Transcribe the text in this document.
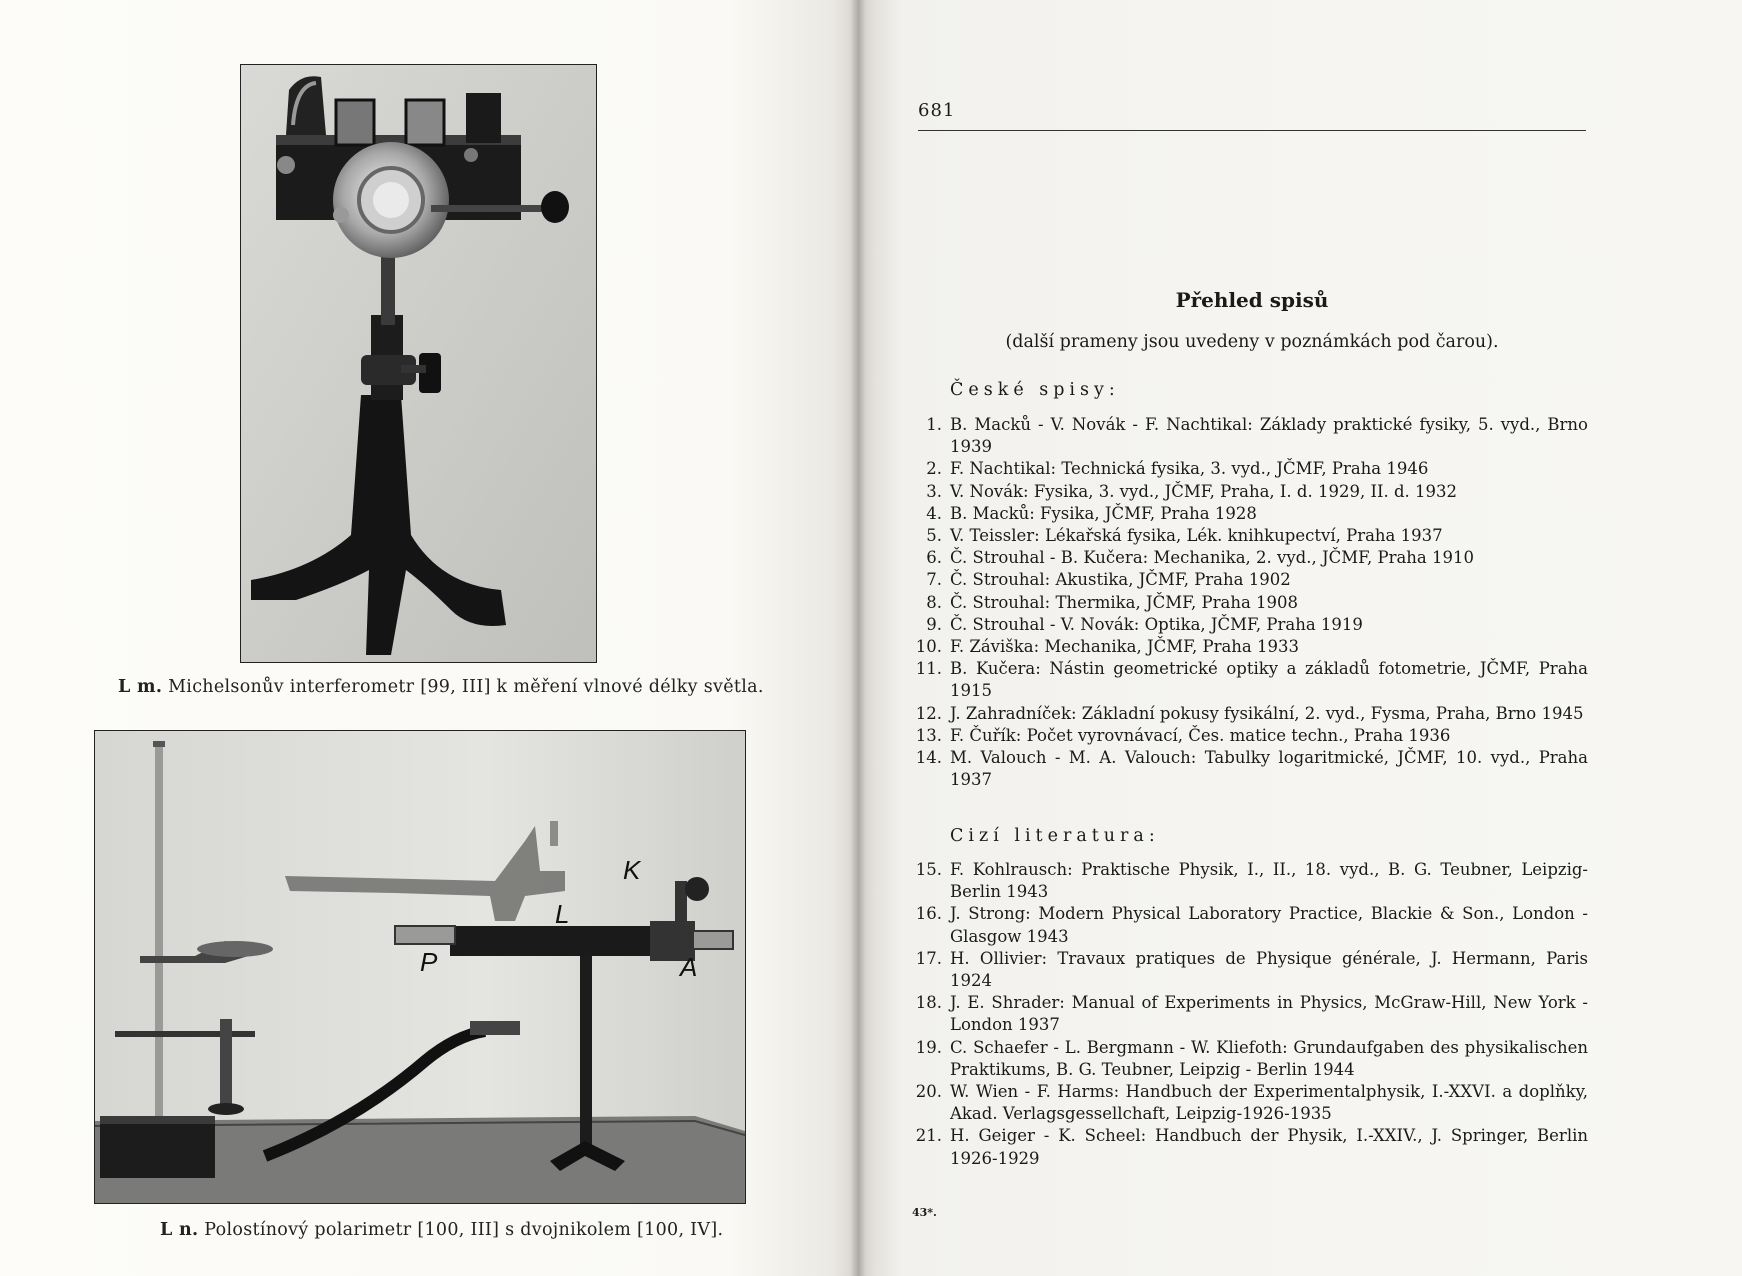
L m. Michelsonův interferometr [99, III] k měření vlnové délky světla.
K
L
P	A
L n. Polostínový polarimetr [100, III] s dvojnikolem [100, IV].
681
Přehled spisů
(další prameny jsou uvedeny v poznámkách pod čarou).
České spisy:
1. B. Macků - V. Novák - F. Nachtikal: Základy praktické fysiky, 5. vyd., Brno 1939
2. F. Nachtikal: Technická fysika, 3. vyd., JČMF, Praha 1946
3. V. Novák: Fysika, 3. vyd., JČMF, Praha, I. d. 1929, II. d. 1932
4. B. Macků: Fysika, JČMF, Praha 1928
5. V. Teissler: Lékařská fysika, Lék. knihkupectví, Praha 1937
6. Č. Strouhal - B. Kučera: Mechanika, 2. vyd., JČMF, Praha 1910
7. Č. Strouhal: Akustika, JČMF, Praha 1902
8. Č. Strouhal: Thermika, JČMF, Praha 1908
9. Č. Strouhal - V. Novák: Optika, JČMF, Praha 1919
10. F. Záviška: Mechanika, JČMF, Praha 1933
11. B. Kučera: Nástin geometrické optiky a základů fotometrie, JČMF, Praha 1915
12. J. Zahradníček: Základní pokusy fysikální, 2. vyd., Fysma, Praha, Brno 1945
13. F. Čuřík: Počet vyrovnávací, Čes. matice techn., Praha 1936
14. M. Valouch - M. A. Valouch: Tabulky logaritmické, JČMF, 10. vyd., Praha 1937
Cizí literatura:
15. F. Kohlrausch: Praktische Physik, I., II., 18. vyd., B. G. Teubner, Leipzig-Berlin 1943
16. J. Strong: Modern Physical Laboratory Practice, Blackie & Son., London - Glasgow 1943
17. H. Ollivier: Travaux pratiques de Physique générale, J. Hermann, Paris 1924
18. J. E. Shrader: Manual of Experiments in Physics, McGraw-Hill, New York - London 1937
19. C. Schaefer - L. Bergmann - W. Kliefoth: Grundaufgaben des physikalischen Praktikums, B. G. Teubner, Leipzig - Berlin 1944
20. W. Wien - F. Harms: Handbuch der Experimentalphysik, I.-XXVI. a doplňky, Akad. Verlagsgessellchaft, Leipzig-1926-1935
21. H. Geiger - K. Scheel: Handbuch der Physik, I.-XXIV., J. Springer, Berlin 1926-1929
43*.
